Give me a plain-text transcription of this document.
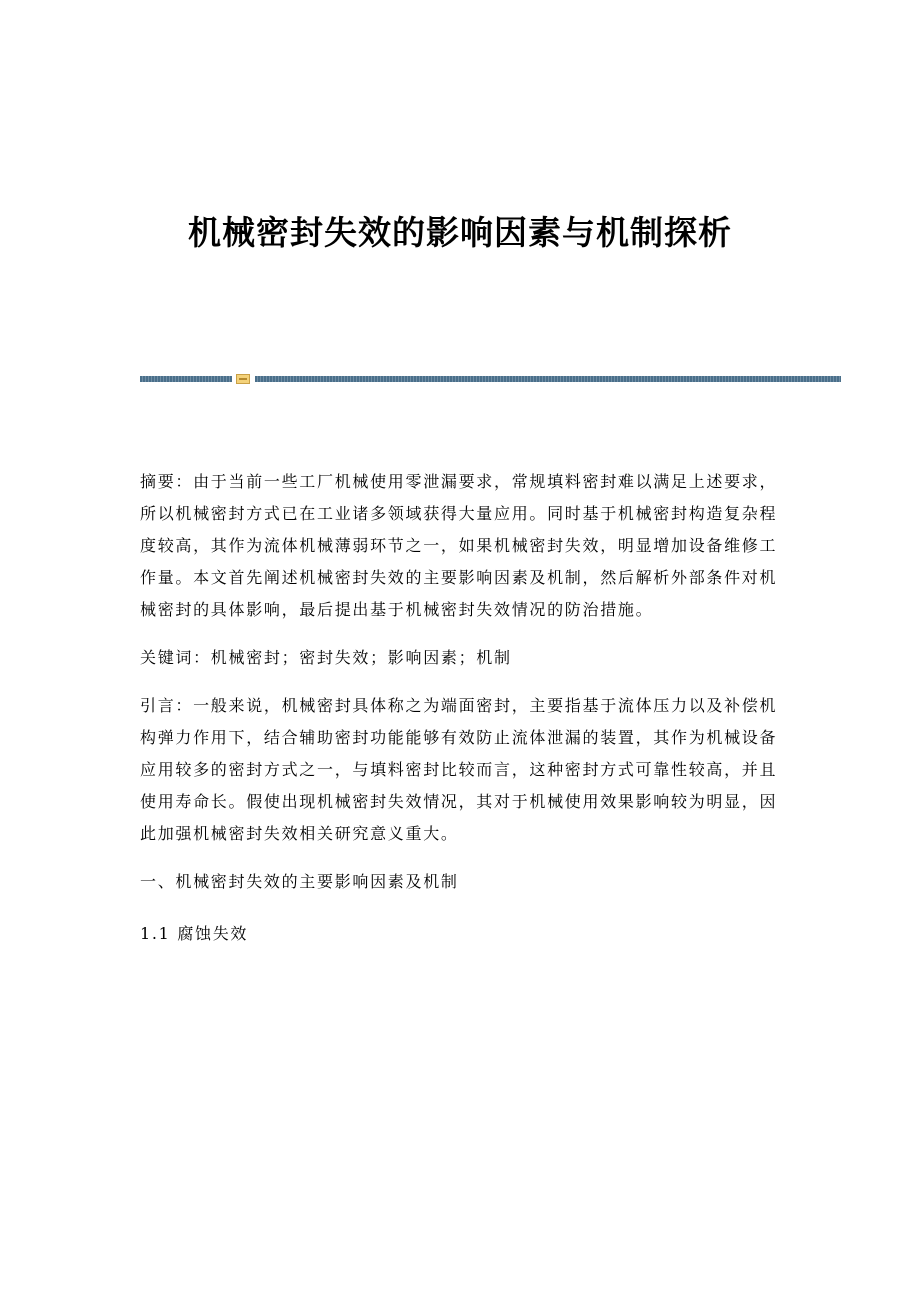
机械密封失效的影响因素与机制探析

摘要：由于当前一些工厂机械使用零泄漏要求，常规填料密封难以满足上述要求，所以机械密封方式已在工业诸多领域获得大量应用。同时基于机械密封构造复杂程度较高，其作为流体机械薄弱环节之一，如果机械密封失效，明显增加设备维修工作量。本文首先阐述机械密封失效的主要影响因素及机制，然后解析外部条件对机械密封的具体影响，最后提出基于机械密封失效情况的防治措施。

关键词：机械密封；密封失效；影响因素；机制

引言：一般来说，机械密封具体称之为端面密封，主要指基于流体压力以及补偿机构弹力作用下，结合辅助密封功能能够有效防止流体泄漏的装置，其作为机械设备应用较多的密封方式之一，与填料密封比较而言，这种密封方式可靠性较高，并且使用寿命长。假使出现机械密封失效情况，其对于机械使用效果影响较为明显，因此加强机械密封失效相关研究意义重大。

一、机械密封失效的主要影响因素及机制

1.1 腐蚀失效
